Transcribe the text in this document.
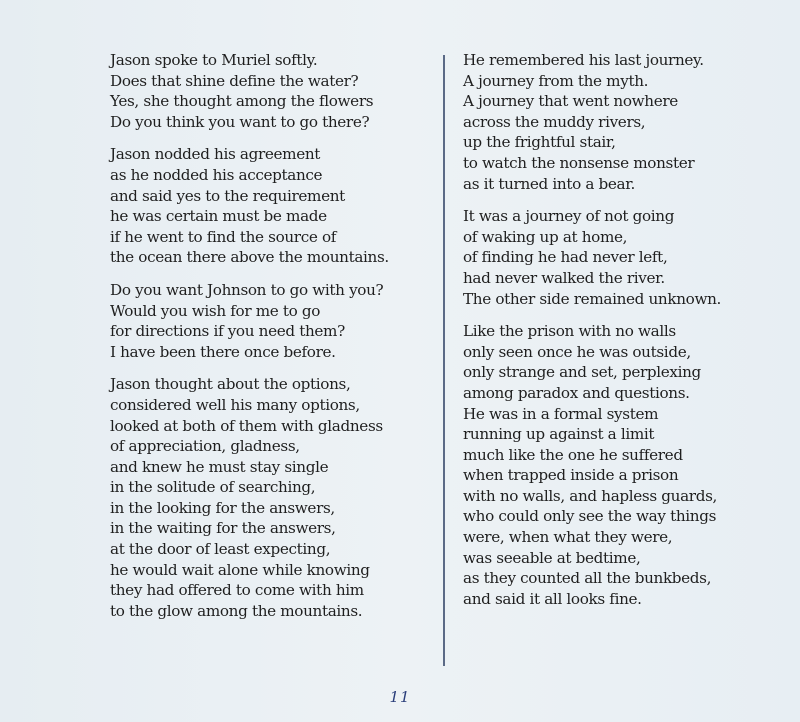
Jason spoke to Muriel softly.
Does that shine define the water?
Yes, she thought among the flowers
Do you think you want to go there?
Jason nodded his agreement
as he nodded his acceptance
and said yes to the requirement
he was certain must be made
if he went to find the source of
the ocean there above the mountains.
Do you want Johnson to go with you?
Would you wish for me to go
for directions if you need them?
I have been there once before.
Jason thought about the options,
considered well his many options,
looked at both of them with gladness
of appreciation, gladness,
and knew he must stay single
in the solitude of searching,
in the looking for the answers,
in the waiting for the answers,
at the door of least expecting,
he would wait alone while knowing
they had offered to come with him
to the glow among the mountains.
He remembered his last journey.
A journey from the myth.
A journey that went nowhere
across the muddy rivers,
up the frightful stair,
to watch the nonsense monster
as it turned into a bear.
It was a journey of not going
of waking up at home,
of finding he had never left,
had never walked the river.
The other side remained unknown.
Like the prison with no walls
only seen once he was outside,
only strange and set, perplexing
among paradox and questions.
He was in a formal system
running up against a limit
much like the one he suffered
when trapped inside a prison
with no walls, and hapless guards,
who could only see the way things
were, when what they were,
was seeable at bedtime,
as they counted all the bunkbeds,
and said it all looks fine.
11
